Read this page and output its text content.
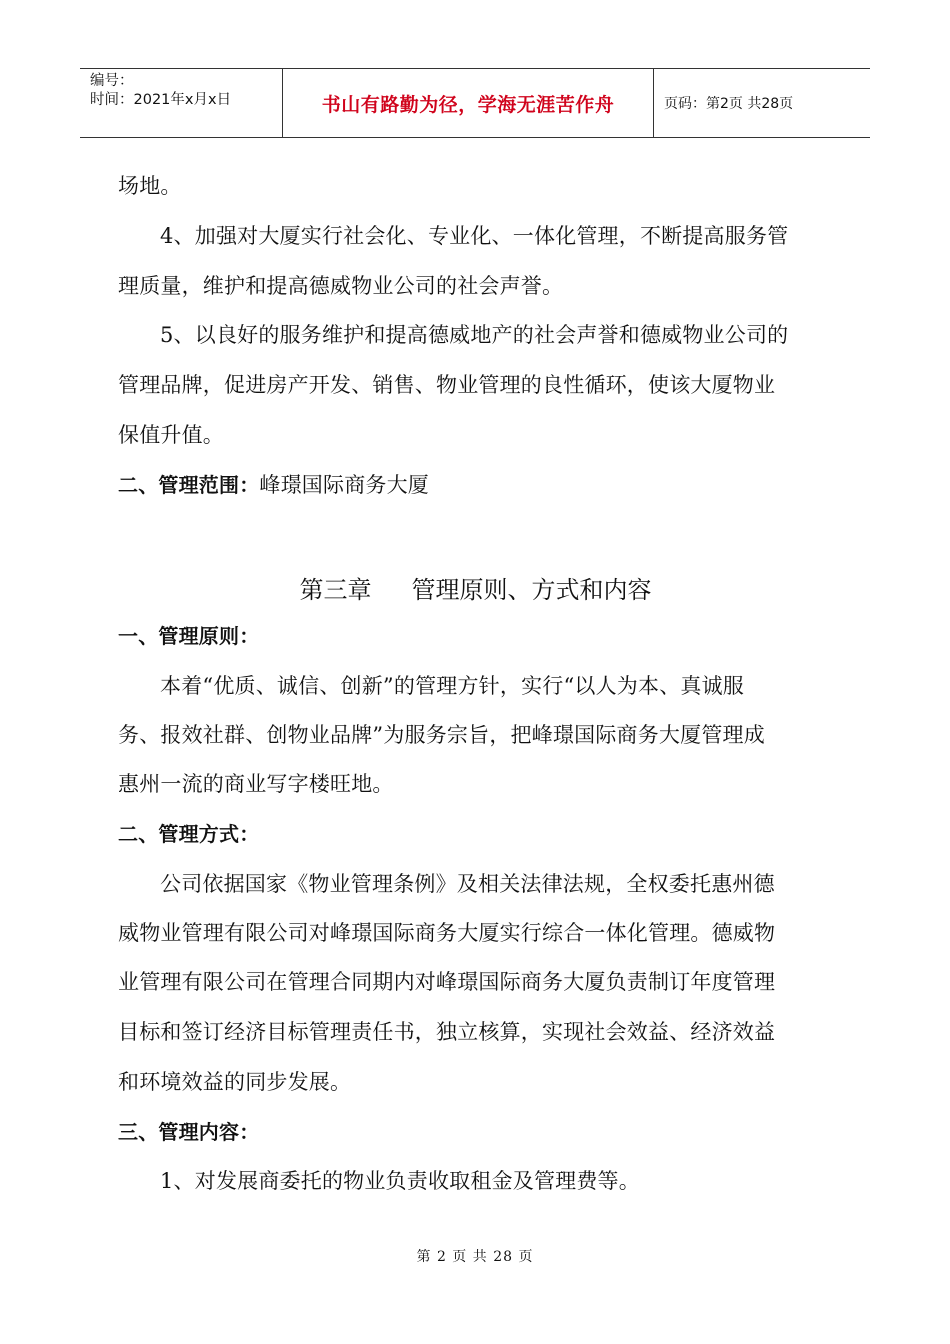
编号：
时间：2021年x月x日	书山有路勤为径，学海无涯苦作舟	页码：第2页 共28页
场地。
4、加强对大厦实行社会化、专业化、一体化管理，不断提高服务管
理质量，维护和提高德威物业公司的社会声誉。
5、以良好的服务维护和提高德威地产的社会声誉和德威物业公司的
管理品牌，促进房产开发、销售、物业管理的良性循环，使该大厦物业
保值升值。
二、管理范围：峰璟国际商务大厦
第三章 管理原则、方式和内容
一、管理原则：
本着“优质、诚信、创新”的管理方针，实行“以人为本、真诚服
务、报效社群、创物业品牌”为服务宗旨，把峰璟国际商务大厦管理成
惠州一流的商业写字楼旺地。
二、管理方式：
公司依据国家《物业管理条例》及相关法律法规，全权委托惠州德
威物业管理有限公司对峰璟国际商务大厦实行综合一体化管理。德威物
业管理有限公司在管理合同期内对峰璟国际商务大厦负责制订年度管理
目标和签订经济目标管理责任书，独立核算，实现社会效益、经济效益
和环境效益的同步发展。
三、管理内容：
1、对发展商委托的物业负责收取租金及管理费等。
第 2 页 共 28 页
